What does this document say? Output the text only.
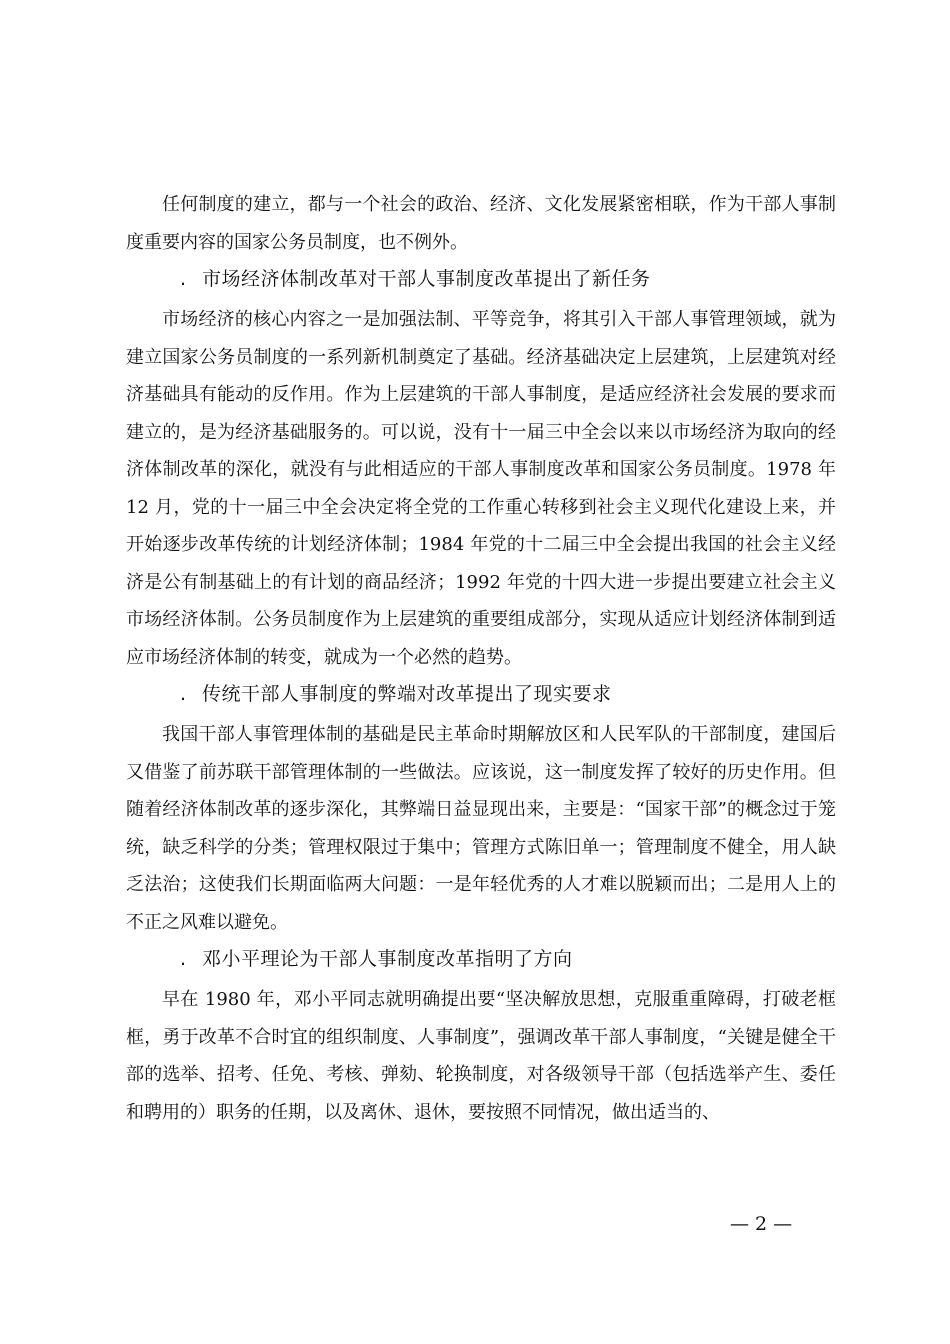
任何制度的建立，都与一个社会的政治、经济、文化发展紧密相联，作为干部人事制度重要内容的国家公务员制度，也不例外。

. 市场经济体制改革对干部人事制度改革提出了新任务

市场经济的核心内容之一是加强法制、平等竞争，将其引入干部人事管理领域，就为建立国家公务员制度的一系列新机制奠定了基础。经济基础决定上层建筑，上层建筑对经济基础具有能动的反作用。作为上层建筑的干部人事制度，是适应经济社会发展的要求而建立的，是为经济基础服务的。可以说，没有十一届三中全会以来以市场经济为取向的经济体制改革的深化，就没有与此相适应的干部人事制度改革和国家公务员制度。1978 年 12 月，党的十一届三中全会决定将全党的工作重心转移到社会主义现代化建设上来，并开始逐步改革传统的计划经济体制；1984 年党的十二届三中全会提出我国的社会主义经济是公有制基础上的有计划的商品经济；1992 年党的十四大进一步提出要建立社会主义市场经济体制。公务员制度作为上层建筑的重要组成部分，实现从适应计划经济体制到适应市场经济体制的转变，就成为一个必然的趋势。

. 传统干部人事制度的弊端对改革提出了现实要求

我国干部人事管理体制的基础是民主革命时期解放区和人民军队的干部制度，建国后又借鉴了前苏联干部管理体制的一些做法。应该说，这一制度发挥了较好的历史作用。但随着经济体制改革的逐步深化，其弊端日益显现出来，主要是：“国家干部”的概念过于笼统，缺乏科学的分类；管理权限过于集中；管理方式陈旧单一；管理制度不健全，用人缺乏法治；这使我们长期面临两大问题：一是年轻优秀的人才难以脱颖而出；二是用人上的不正之风难以避免。

. 邓小平理论为干部人事制度改革指明了方向

早在 1980 年，邓小平同志就明确提出要“坚决解放思想，克服重重障碍，打破老框框，勇于改革不合时宜的组织制度、人事制度”，强调改革干部人事制度，“关键是健全干部的选举、招考、任免、考核、弹劾、轮换制度，对各级领导干部（包括选举产生、委任和聘用的）职务的任期，以及离休、退休，要按照不同情况，做出适当的、

— 2 —
